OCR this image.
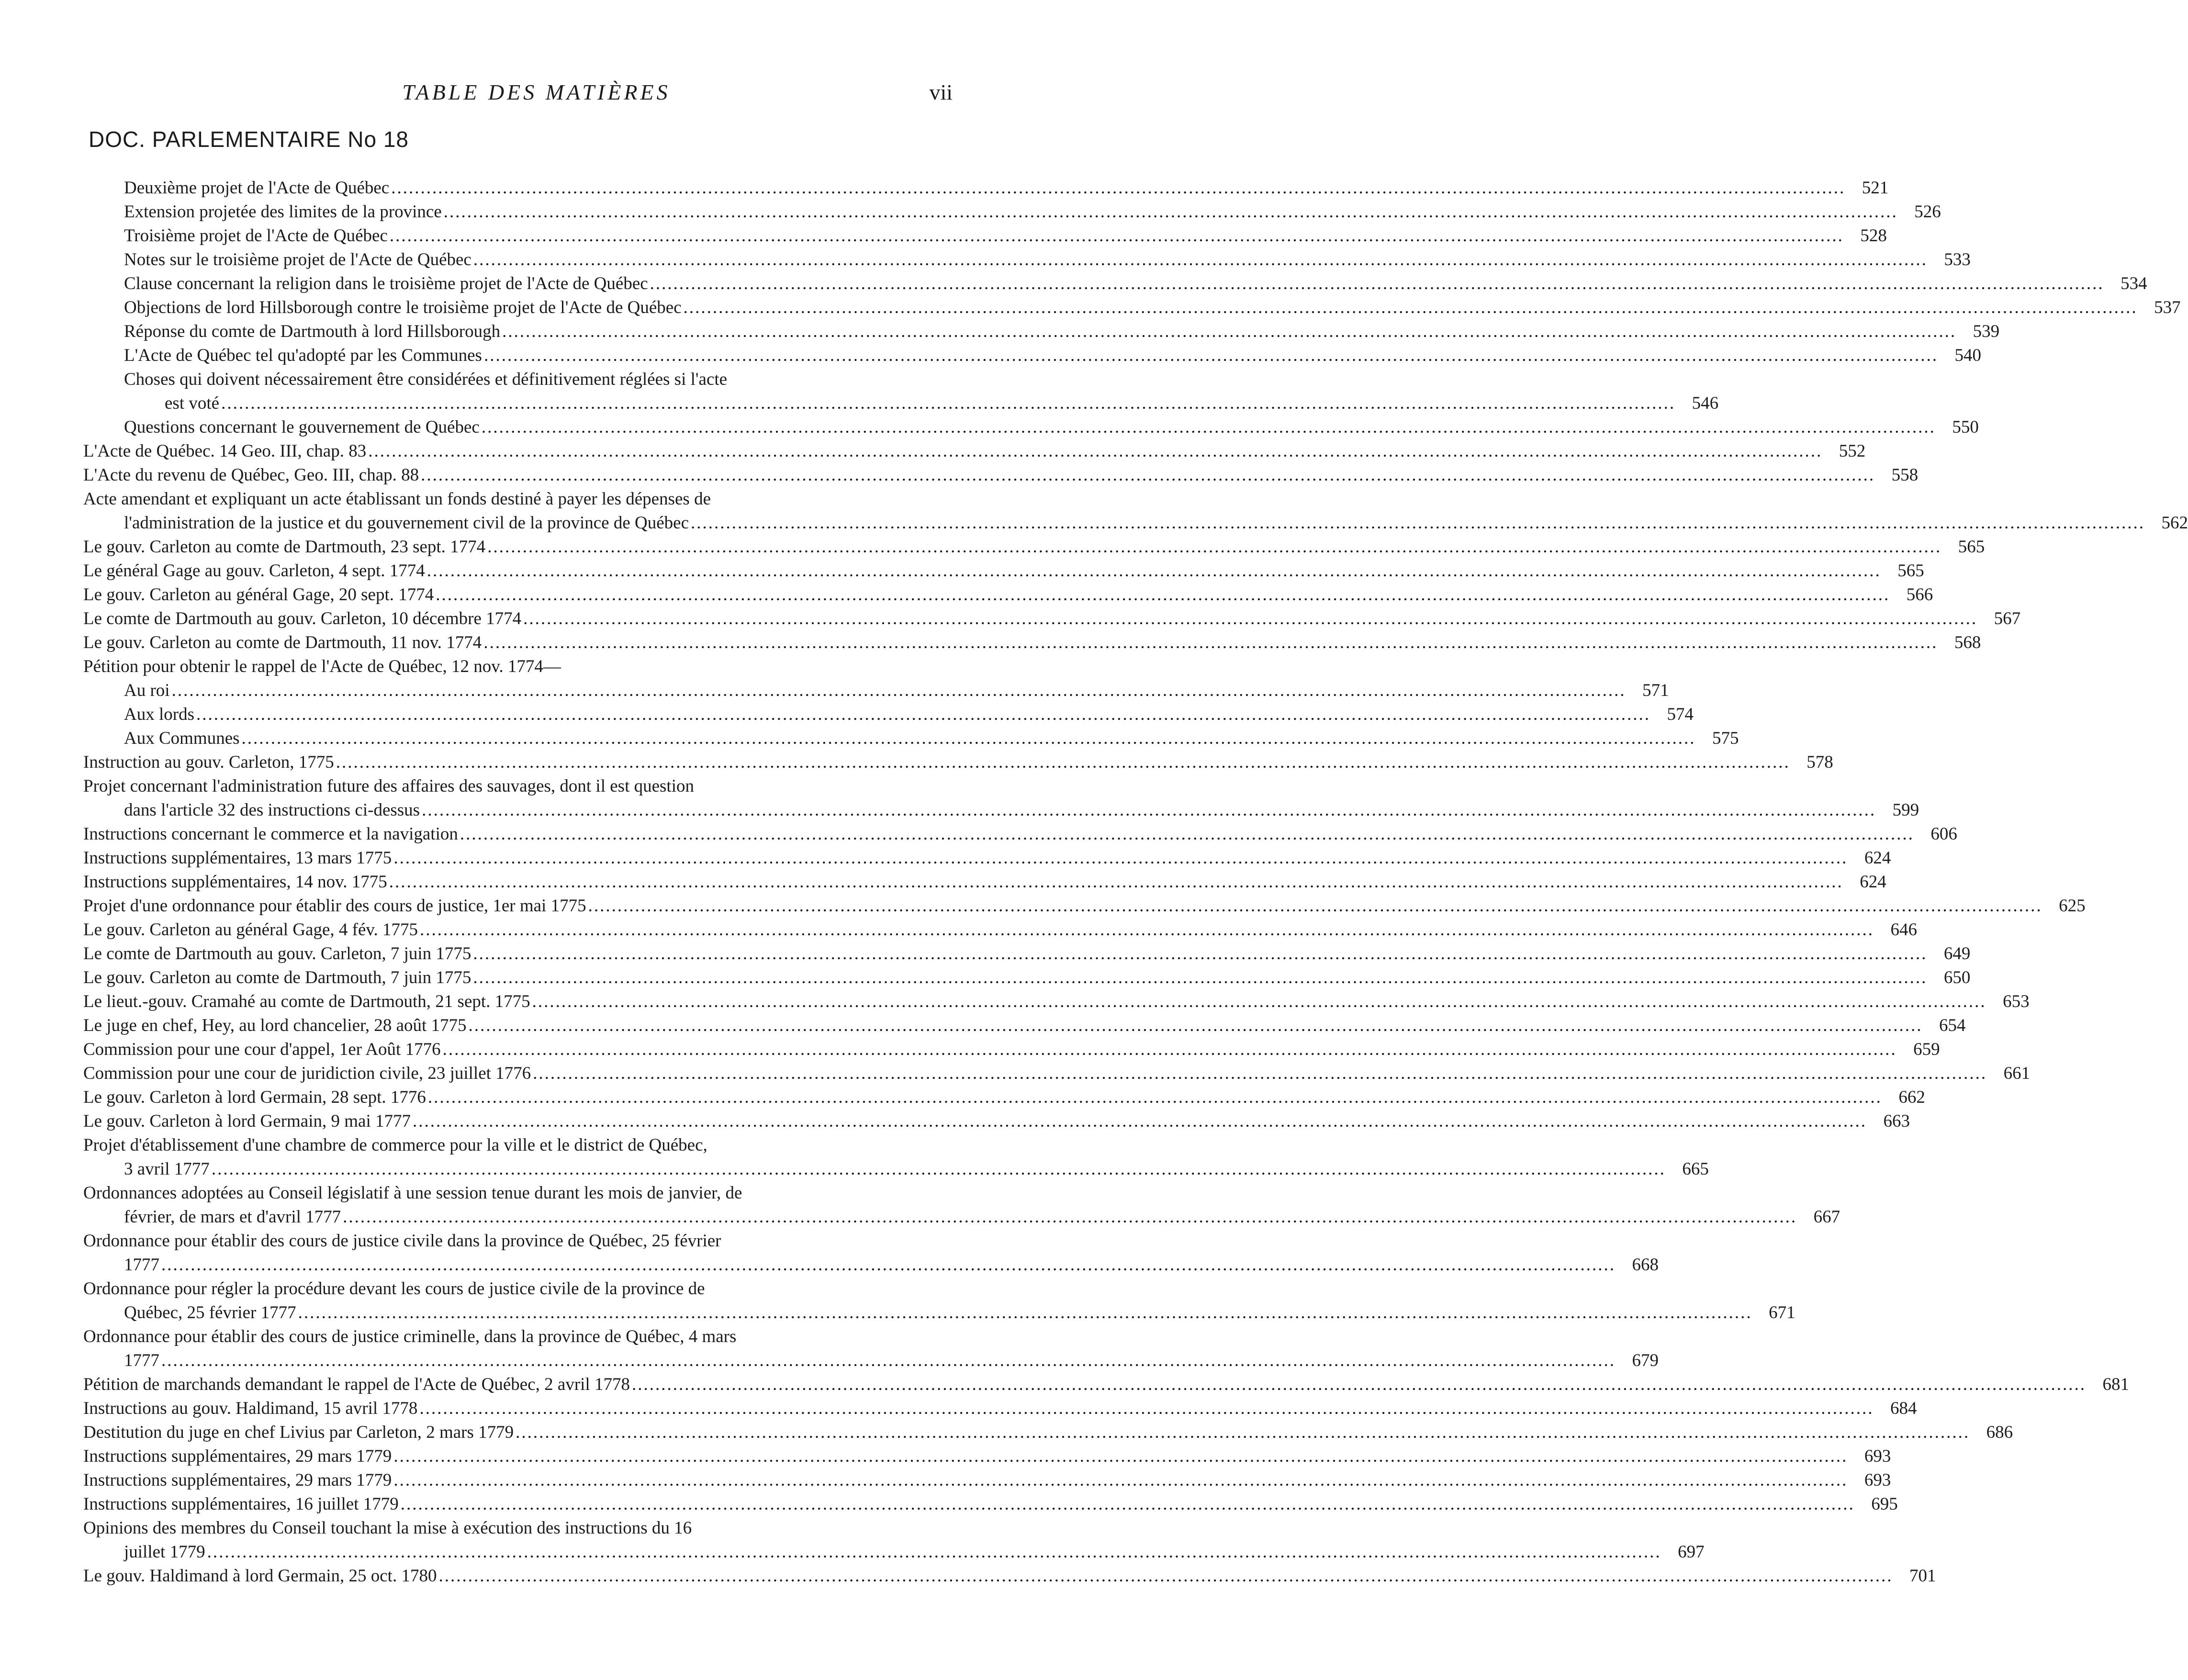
TABLE DES MATIÈRES	vii
DOC. PARLEMENTAIRE No 18
Deuxième projet de l'Acte de Québec .....	521
Extension projetée des limites de la province .....	526
Troisième projet de l'Acte de Québec .....	528
Notes sur le troisième projet de l'Acte de Québec .....	533
Clause concernant la religion dans le troisième projet de l'Acte de Québec .....	534
Objections de lord Hillsborough contre le troisième projet de l'Acte de Québec .....	537
Réponse du comte de Dartmouth à lord Hillsborough .....	539
L'Acte de Québec tel qu'adopté par les Communes .....	540
Choses qui doivent nécessairement être considérées et définitivement réglées si l'acte
est voté .....	546
Questions concernant le gouvernement de Québec .....	550
L'Acte de Québec. 14 Geo. III, chap. 83 .....	552
L'Acte du revenu de Québec, Geo. III, chap. 88 .....	558
Acte amendant et expliquant un acte établissant un fonds destiné à payer les dépenses de
l'administration de la justice et du gouvernement civil de la province de Québec .....	562
Le gouv. Carleton au comte de Dartmouth, 23 sept. 1774 .....	565
Le général Gage au gouv. Carleton, 4 sept. 1774 .....	565
Le gouv. Carleton au général Gage, 20 sept. 1774 .....	566
Le comte de Dartmouth au gouv. Carleton, 10 décembre 1774 .....	567
Le gouv. Carleton au comte de Dartmouth, 11 nov. 1774 .....	568
Pétition pour obtenir le rappel de l'Acte de Québec, 12 nov. 1774—
Au roi .....	571
Aux lords .....	574
Aux Communes .....	575
Instruction au gouv. Carleton, 1775 .....	578
Projet concernant l'administration future des affaires des sauvages, dont il est question
dans l'article 32 des instructions ci-dessus .....	599
Instructions concernant le commerce et la navigation .....	606
Instructions supplémentaires, 13 mars 1775 .....	624
Instructions supplémentaires, 14 nov. 1775 .....	624
Projet d'une ordonnance pour établir des cours de justice, 1er mai 1775 .....	625
Le gouv. Carleton au général Gage, 4 fév. 1775 .....	646
Le comte de Dartmouth au gouv. Carleton, 7 juin 1775 .....	649
Le gouv. Carleton au comte de Dartmouth, 7 juin 1775 .....	650
Le lieut.-gouv. Cramahé au comte de Dartmouth, 21 sept. 1775 .....	653
Le juge en chef, Hey, au lord chancelier, 28 août 1775 .....	654
Commission pour une cour d'appel, 1er Août 1776 .....	659
Commission pour une cour de juridiction civile, 23 juillet 1776 .....	661
Le gouv. Carleton à lord Germain, 28 sept. 1776 .....	662
Le gouv. Carleton à lord Germain, 9 mai 1777 .....	663
Projet d'établissement d'une chambre de commerce pour la ville et le district de Québec,
3 avril 1777 .....	665
Ordonnances adoptées au Conseil législatif à une session tenue durant les mois de janvier, de
février, de mars et d'avril 1777 .....	667
Ordonnance pour établir des cours de justice civile dans la province de Québec, 25 février
1777 .....	668
Ordonnance pour régler la procédure devant les cours de justice civile de la province de
Québec, 25 février 1777 .....	671
Ordonnance pour établir des cours de justice criminelle, dans la province de Québec, 4 mars
1777 .....	679
Pétition de marchands demandant le rappel de l'Acte de Québec, 2 avril 1778 .....	681
Instructions au gouv. Haldimand, 15 avril 1778 .....	684
Destitution du juge en chef Livius par Carleton, 2 mars 1779 .....	686
Instructions supplémentaires, 29 mars 1779 .....	693
Instructions supplémentaires, 29 mars 1779 .....	693
Instructions supplémentaires, 16 juillet 1779 .....	695
Opinions des membres du Conseil touchant la mise à exécution des instructions du 16
juillet 1779 .....	697
Le gouv. Haldimand à lord Germain, 25 oct. 1780 .....	701
